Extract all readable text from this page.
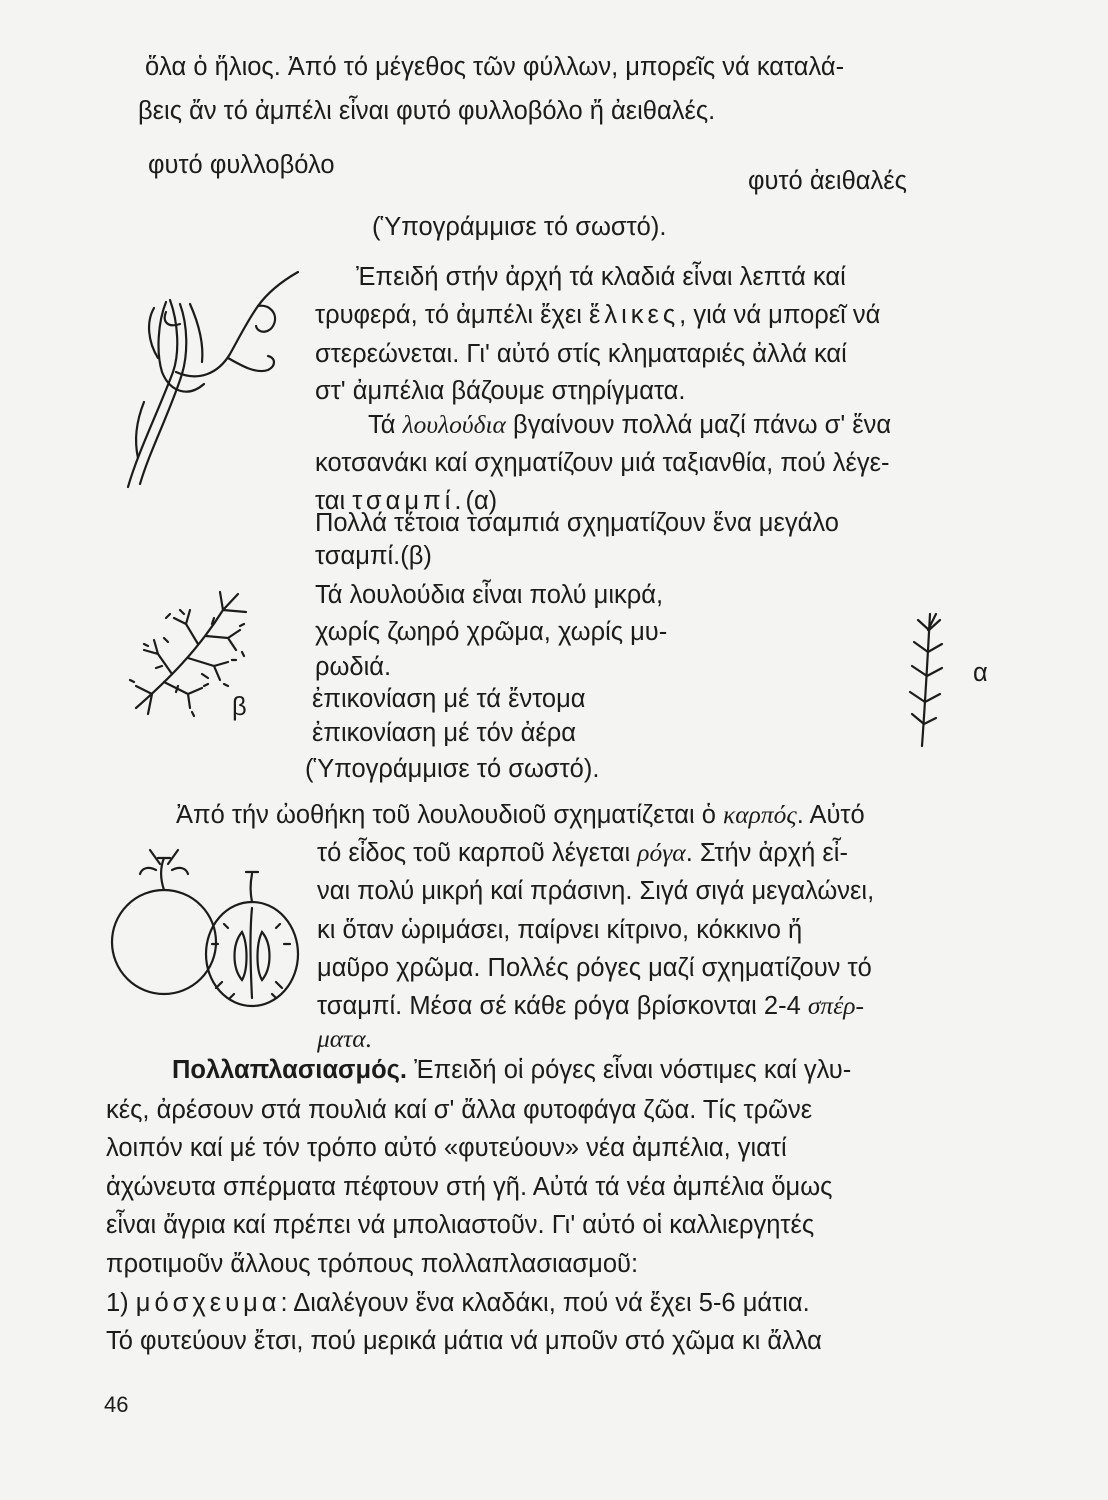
ὅλα ὁ ἥλιος. Ἀπό τό μέγεθος τῶν φύλλων, μπορεῖς νά καταλά-
βεις ἄν τό ἀμπέλι εἶναι φυτό φυλλοβόλο ἤ ἀειθαλές.
φυτό φυλλοβόλο
φυτό ἀειθαλές
(Ὑπογράμμισε τό σωστό).
Ἐπειδή στήν ἀρχή τά κλαδιά εἶναι λεπτά καί
τρυφερά, τό ἀμπέλι ἔχει ἕλικες, γιά νά μπορεῖ νά
στερεώνεται. Γι' αὐτό στίς κληματαριές ἀλλά καί
στ' ἀμπέλια βάζουμε στηρίγματα.
Τά λουλούδια βγαίνουν πολλά μαζί πάνω σ' ἕνα
κοτσανάκι καί σχηματίζουν μιά ταξιανθία, πού λέγε-
ται τσαμπί.(α)
Πολλά τέτοια τσαμπιά σχηματίζουν ἕνα μεγάλο
τσαμπί.(β)
Τά λουλούδια εἶναι πολύ μικρά,
χωρίς ζωηρό χρῶμα, χωρίς μυ-
ρωδιά.
ἐπικονίαση μέ τά ἔντομα
ἐπικονίαση μέ τόν ἀέρα
(Ὑπογράμμισε τό σωστό).
β
α
Ἀπό τήν ὠοθήκη τοῦ λουλουδιοῦ σχηματίζεται ὁ καρπός. Αὐτό
τό εἶδος τοῦ καρποῦ λέγεται ρόγα. Στήν ἀρχή εἶ-
ναι πολύ μικρή καί πράσινη. Σιγά σιγά μεγαλώνει,
κι ὅταν ὡριμάσει, παίρνει κίτρινο, κόκκινο ἤ
μαῦρο χρῶμα. Πολλές ρόγες μαζί σχηματίζουν τό
τσαμπί. Μέσα σέ κάθε ρόγα βρίσκονται 2-4 σπέρ-
ματα.
Πολλαπλασιασμός. Ἐπειδή οἱ ρόγες εἶναι νόστιμες καί γλυ-
κές, ἀρέσουν στά πουλιά καί σ' ἄλλα φυτοφάγα ζῶα. Τίς τρῶνε
λοιπόν καί μέ τόν τρόπο αὐτό «φυτεύουν» νέα ἀμπέλια, γιατί
ἀχώνευτα σπέρματα πέφτουν στή γῆ. Αὐτά τά νέα ἀμπέλια ὅμως
εἶναι ἄγρια καί πρέπει νά μπολιαστοῦν. Γι' αὐτό οἱ καλλιεργητές
προτιμοῦν ἄλλους τρόπους πολλαπλασιασμοῦ:
1) μόσχευμα: Διαλέγουν ἕνα κλαδάκι, πού νά ἔχει 5-6 μάτια.
Τό φυτεύουν ἔτσι, πού μερικά μάτια νά μποῦν στό χῶμα κι ἄλλα
46
